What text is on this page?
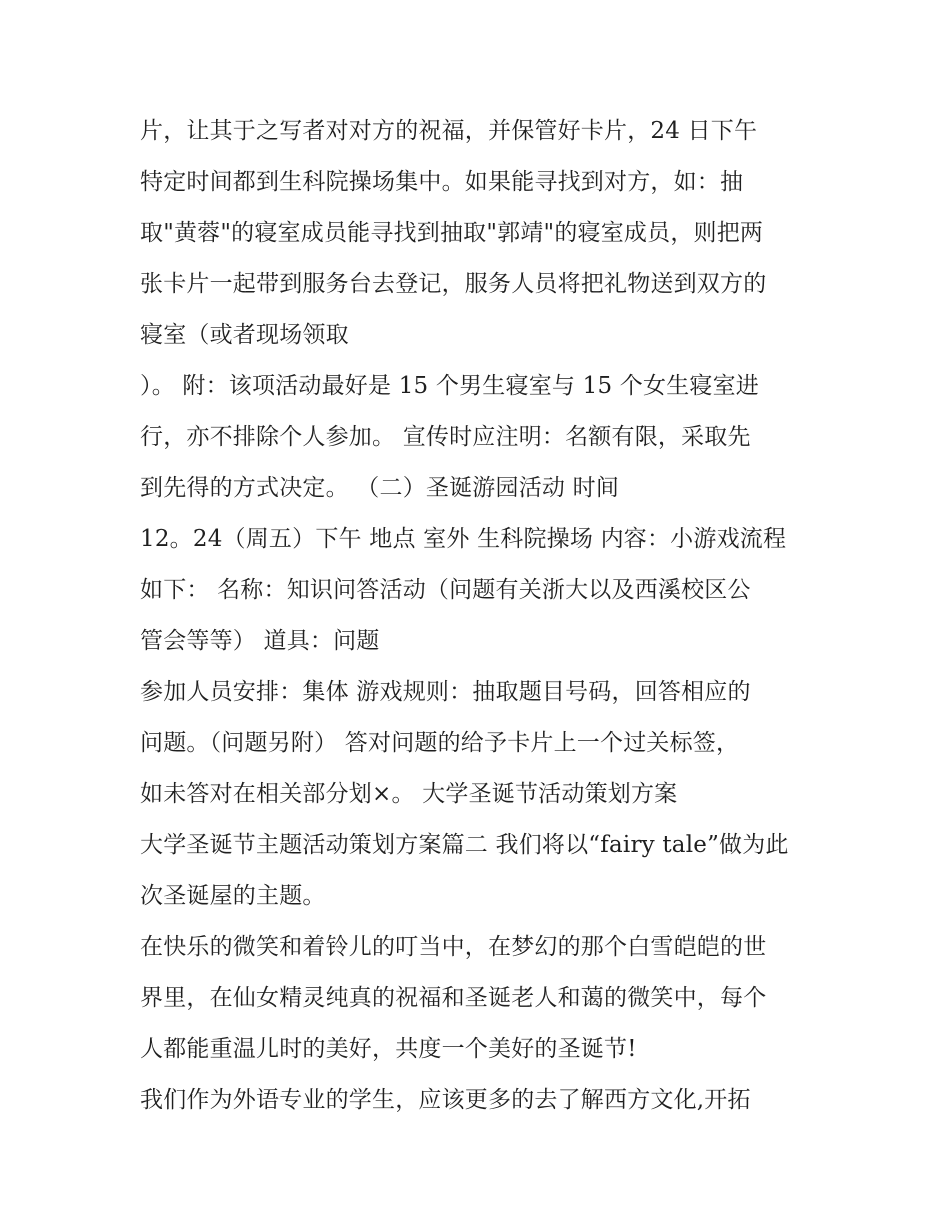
片，让其于之写者对对方的祝福，并保管好卡片，24 日下午
特定时间都到生科院操场集中。如果能寻找到对方，如：抽
取"黄蓉"的寝室成员能寻找到抽取"郭靖"的寝室成员，则把两
张卡片一起带到服务台去登记，服务人员将把礼物送到双方的
寝室（或者现场领取
）。 附：该项活动最好是 15 个男生寝室与 15 个女生寝室进
行，亦不排除个人参加。 宣传时应注明：名额有限，采取先
到先得的方式决定。 （二）圣诞游园活动 时间
12。24（周五）下午 地点 室外 生科院操场 内容：小游戏流程
如下： 名称：知识问答活动（问题有关浙大以及西溪校区公
管会等等） 道具：问题
参加人员安排：集体 游戏规则：抽取题目号码，回答相应的
问题。（问题另附） 答对问题的给予卡片上一个过关标签，
如未答对在相关部分划×。 大学圣诞节活动策划方案
大学圣诞节主题活动策划方案篇二 我们将以“fairy tale”做为此
次圣诞屋的主题。
在快乐的微笑和着铃儿的叮当中，在梦幻的那个白雪皑皑的世
界里，在仙女精灵纯真的祝福和圣诞老人和蔼的微笑中，每个
人都能重温儿时的美好，共度一个美好的圣诞节!
我们作为外语专业的学生，应该更多的去了解西方文化,开拓
